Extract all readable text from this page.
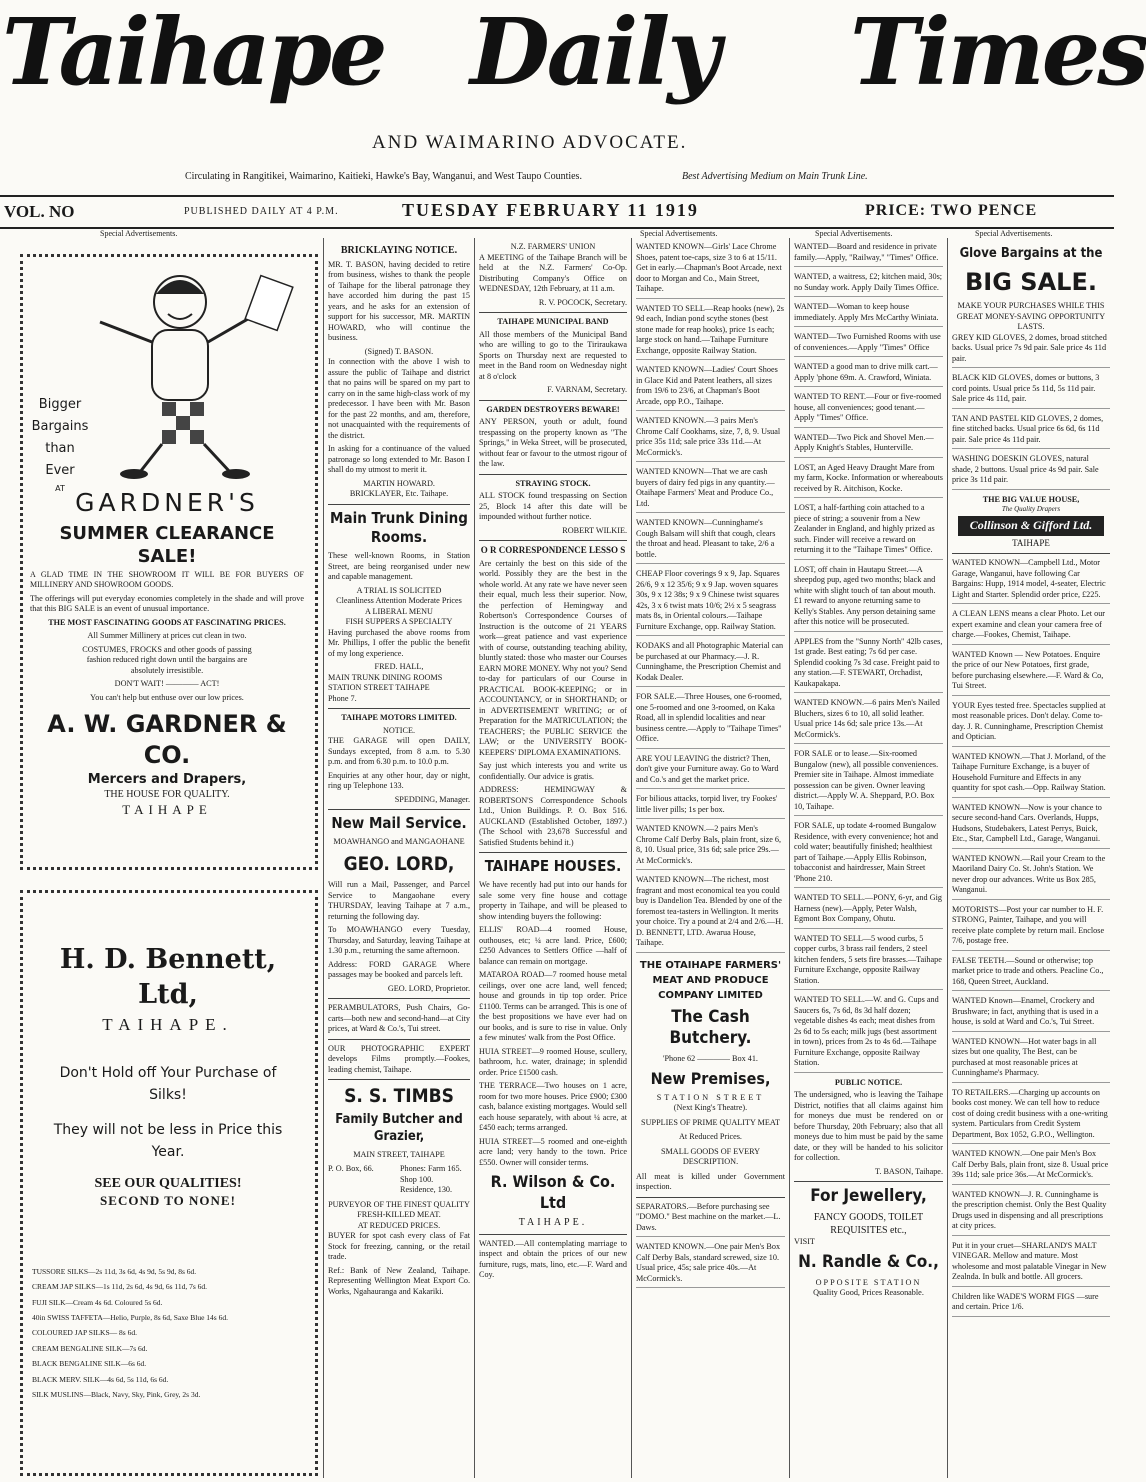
Taihape Daily Times
AND WAIMARINO ADVOCATE.
Circulating in Rangitikei, Waimarino, Kaitieki, Hawke's Bay, Wanganui, and West Taupo Counties.	Best Advertising Medium on Main Trunk Line.
VOL. NO	PUBLISHED DAILY AT 4 P.M.	TUESDAY FEBRUARY 11 1919	PRICE: TWO PENCE
Special Advertisements.	Special Advertisements.	Special Advertisements.	Special Advertisements.
Bigger
Bargains
than
Ever
AT GARDNER'S
SUMMER CLEARANCE SALE!

A GLAD TIME IN THE SHOWROOM IT WILL BE FOR BUYERS OF MILLINERY AND SHOWROOM GOODS.

The offerings will put everyday economies completely in the shade and will prove that this BIG SALE is an event of unusual importance.

THE MOST FASCINATING GOODS AT FASCINATING PRICES.
All Summer Millinery at prices cut clean in two.
COSTUMES, FROCKS and other goods of passing fashion reduced right down until the bargains are absolutely irresistible.
DON'T WAIT! ———— ACT!
You can't help but enthuse over our low prices.
A. W. GARDNER & CO.
Mercers and Drapers,
THE HOUSE FOR QUALITY.
TAIHAPE
H. D. Bennett, Ltd,
TAIHAPE.
Don't Hold off Your Purchase of Silks!
They will not be less in Price this Year.
SEE OUR QUALITIES!
SECOND TO NONE!
TUSSORE SILKS—2s 11d, 3s 6d, 4s 9d, 5s 9d, 8s 6d.
CREAM JAP SILKS—1s 11d, 2s 6d, 4s 9d, 6s 11d, 7s 6d.
FUJI SILK—Cream 4s 6d. Coloured 5s 6d.
40in SWISS TAFFETA—Helio, Purple, 8s 6d, Saxe Blue 14s 6d.
COLOURED JAP SILKS— 8s 6d.
CREAM BENGALINE SILK—7s 6d.
BLACK BENGALINE SILK—6s 6d.
BLACK MERV. SILK—4s 6d, 5s 11d, 6s 6d.
SILK MUSLINS—Black, Navy, Sky, Pink, Grey, 2s 3d.
BRICKLAYING NOTICE.

MR. T. BASON, having decided to retire from business, wishes to thank the people of Taihape for the liberal patronage they have accorded him during the past 15 years, and he asks for an extension of support for his successor, MR. MARTIN HOWARD, who will continue the business.

(Signed) T. BASON.

In connection with the above I wish to assure the public of Taihape and district that no pains will be spared on my part to carry on in the same high-class work of my predecessor. I have been with Mr. Bason for the past 22 months, and am, therefore, not unacquainted with the requirements of the district.

In asking for a continuance of the valued patronage so long extended to Mr. Bason I shall do my utmost to merit it.

MARTIN HOWARD.
BRICKLAYER, Etc. Taihape.
Main Trunk Dining Rooms.

These well-known Rooms, in Station Street, are being reorganised under new and capable management.

A TRIAL IS SOLICITED
Cleanliness Attention Moderate Prices
A LIBERAL MENU
FISH SUPPERS A SPECIALTY

Having purchased the above rooms from Mr. Phillips, I offer the public the benefit of my long experience.

FRED. HALL,
MAIN TRUNK DINING ROOMS STATION STREET TAIHAPE
Phone 7.
TAIHAPE MOTORS LIMITED.
NOTICE.

THE GARAGE will open DAILY, Sundays excepted, from 8 a.m. to 5.30 p.m. and from 6.30 p.m. to 10.0 p.m.

Enquiries at any other hour, day or night, ring up Telephone 133.

SPEDDING, Manager.
New Mail Service.
MOAWHANGO and MANGAOHANE
GEO. LORD,

Will run a Mail, Passenger, and Parcel Service to Mangaohane every THURSDAY, leaving Taihape at 7 a.m., returning the following day.

To MOAWHANGO every Tuesday, Thursday, and Saturday, leaving Taihape at 1.30 p.m., returning the same afternoon.

Address: FORD GARAGE Where passages may be booked and parcels left.

GEO. LORD, Proprietor.

PERAMBULATORS, Push Chairs, Go-carts—both new and second-hand—at City prices, at Ward & Co.'s, Tui street.

OUR PHOTOGRAPHIC EXPERT develops Films promptly.—Fookes, leading chemist, Taihape.

S. S. TIMBS
Family Butcher and Grazier,
MAIN STREET, TAIHAPE
P. O. Box, 66.	Phones: Farm 165. Shop 100. Residence, 130.
PURVEYOR OF THE FINEST QUALITY FRESH-KILLED MEAT.
AT REDUCED PRICES.

BUYER for spot cash every class of Fat Stock for freezing, canning, or the retail trade.

Ref.: Bank of New Zealand, Taihape. Representing Wellington Meat Export Co. Works, Ngahauranga and Kakariki.

N.Z. FARMERS' UNION

A MEETING of the Taihape Branch will be held at the N.Z. Farmers' Co-Op. Distributing Company's Office on WEDNESDAY, 12th February, at 11 a.m.

R. V. POCOCK, Secretary.
TAIHAPE MUNICIPAL BAND

All those members of the Municipal Band who are willing to go to the Tiriraukawa Sports on Thursday next are requested to meet in the Band room on Wednesday night at 8 o'clock

F. VARNAM, Secretary.
GARDEN DESTROYERS BEWARE!

ANY PERSON, youth or adult, found trespassing on the property known as "The Springs," in Weka Street, will be prosecuted, without fear or favour to the utmost rigour of the law.

STRAYING STOCK.

ALL STOCK found trespassing on Section 25, Block 14 after this date will be impounded without further notice.

ROBERT WILKIE.
O R CORRESPONDENCE LESSO S

Are certainly the best on this side of the world. Possibly they are the best in the whole world. At any rate we have never seen their equal, much less their superior. Now, the perfection of Hemingway and Robertson's Correspondence Courses of Instruction is the outcome of 21 YEARS work—great patience and vast experience with of course, outstanding teaching ability, bluntly stated: those who master our Courses EARN MORE MONEY. Why not you? Send to-day for particulars of our Course in PRACTICAL BOOK-KEEPING; or in ACCOUNTANCY, or in SHORTHAND; or in ADVERTISEMENT WRITING; or of Preparation for the MATRICULATION; the TEACHERS'; the PUBLIC SERVICE the LAW; or the UNIVERSITY BOOK-KEEPERS' DIPLOMA EXAMINATIONS.

Say just which interests you and write us confidentially. Our advice is gratis.

ADDRESS: HEMINGWAY & ROBERTSON'S Correspondence Schools Ltd., Union Buildings. P. O. Box 516. AUCKLAND (Established October, 1897.) (The School with 23,678 Successful and Satisfied Students behind it.)

TAIHAPE HOUSES.

We have recently had put into our hands for sale some very fine house and cottage property in Taihape, and will be pleased to show intending buyers the following:

ELLIS' ROAD—4 roomed House, outhouses, etc; ¼ acre land. Price, £600; £250 Advances to Settlers Office —half of balance can remain on mortgage.

MATAROA ROAD—7 roomed house metal ceilings, over one acre land, well fenced; house and grounds in tip top order. Price £1100. Terms can be arranged. This is one of the best propositions we have ever had on our books, and is sure to rise in value. Only a few minutes' walk from the Post Office.

HUIA STREET—9 roomed House, scullery, bathroom, h.c. water, drainage; in splendid order. Price £1500 cash.

THE TERRACE—Two houses on 1 acre, room for two more houses. Price £900; £300 cash, balance existing mortgages. Would sell each house separately, with about ¼ acre, at £450 each; terms arranged.

HUIA STREET—5 roomed and one-eighth acre land; very handy to the town. Price £550. Owner will consider terms.

R. Wilson & Co. Ltd
TAIHAPE.

WANTED.—All contemplating marriage to inspect and obtain the prices of our new furniture, rugs, mats, lino, etc.—F. Ward and Coy.

WANTED KNOWN—Girls' Lace Chrome Shoes, patent toe-caps, size 3 to 6 at 15/11. Get in early.—Chapman's Boot Arcade, next door to Morgan and Co., Main Street, Taihape.
WANTED TO SELL—Reap hooks (new), 2s 9d each, Indian pond scythe stones (best stone made for reap hooks), price 1s each; large stock on hand.—Taihape Furniture Exchange, opposite Railway Station.
WANTED KNOWN—Ladies' Court Shoes in Glace Kid and Patent leathers, all sizes from 19/6 to 23/6, at Chapman's Boot Arcade, opp P.O., Taihape.
WANTED KNOWN.—3 pairs Men's Chrome Calf Cookhams, size, 7, 8, 9. Usual price 35s 11d; sale price 33s 11d.—At McCormick's.
WANTED KNOWN—That we are cash buyers of dairy fed pigs in any quantity.—Otaihape Farmers' Meat and Produce Co., Ltd.
WANTED KNOWN—Cunninghame's Cough Balsam will shift that cough, clears the throat and head. Pleasant to take, 2/6 a bottle.
CHEAP Floor coverings 9 x 9, Jap. Squares 26/6, 9 x 12 35/6; 9 x 9 Jap. woven squares 30s, 9 x 12 38s; 9 x 9 Chinese twist squares 42s, 3 x 6 twist mats 10/6; 2½ x 5 seagrass mats 8s, in Oriental colours.—Taihape Furniture Exchange, opp. Railway Station.
KODAKS and all Photographic Material can be purchased at our Pharmacy.—J. R. Cunninghame, the Prescription Chemist and Kodak Dealer.
FOR SALE.—Three Houses, one 6-roomed, one 5-roomed and one 3-roomed, on Kaka Road, all in splendid localities and near business centre.—Apply to "Taihape Times" Office.
ARE YOU LEAVING the district? Then, don't give your Furniture away. Go to Ward and Co.'s and get the market price.
For bilious attacks, torpid liver, try Fookes' little liver pills; 1s per box.
WANTED KNOWN.—2 pairs Men's Chrome Calf Derby Bals, plain front, size 6, 8, 10. Usual price, 31s 6d; sale price 29s.—At McCormick's.
WANTED KNOWN—The richest, most fragrant and most economical tea you could buy is Dandelion Tea. Blended by one of the foremost tea-tasters in Wellington. It merits your choice. Try a pound at 2/4 and 2/6.—H. D. BENNETT, LTD. Awarua House, Taihape.
THE OTAIHAPE FARMERS' MEAT AND PRODUCE COMPANY LIMITED
The Cash Butchery.
'Phone 62 ———— Box 41.
New Premises,
STATION STREET
(Next King's Theatre).
SUPPLIES OF PRIME QUALITY MEAT
At Reduced Prices.
SMALL GOODS OF EVERY DESCRIPTION.

All meat is killed under Government inspection.

SEPARATORS.—Before purchasing see "DOMO." Best machine on the market.—L. Daws.
WANTED KNOWN.—One pair Men's Box Calf Derby Bals, standard screwed, size 10. Usual price, 45s; sale price 40s.—At McCormick's.
WANTED—Board and residence in private family.—Apply, "Railway," "Times" Office.
WANTED, a waitress, £2; kitchen maid, 30s; no Sunday work. Apply Daily Times Office.
WANTED—Woman to keep house immediately. Apply Mrs McCarthy Winiata.
WANTED—Two Furnished Rooms with use of conveniences.—Apply "Times" Office
WANTED a good man to drive milk cart.—Apply 'phone 69m. A. Crawford, Winiata.
WANTED TO RENT.—Four or five-roomed house, all conveniences; good tenant.—Apply "Times" Office.
WANTED—Two Pick and Shovel Men.—Apply Knight's Stables, Hunterville.
LOST, an Aged Heavy Draught Mare from my farm, Kocke. Information or whereabouts received by R. Aitchison, Kocke.
LOST, a half-farthing coin attached to a piece of string; a souvenir from a New Zealander in England, and highly prized as such. Finder will receive a reward on returning it to the "Taihape Times" Office.
LOST, off chain in Hautapu Street.—A sheepdog pup, aged two months; black and white with slight touch of tan about mouth. £1 reward to anyone returning same to Kelly's Stables. Any person detaining same after this notice will be prosecuted.
APPLES from the "Sunny North" 42lb cases, 1st grade. Best eating; 7s 6d per case. Splendid cooking 7s 3d case. Freight paid to any station.—F. STEWART, Orchadist, Kaukapakapa.
WANTED KNOWN.—6 pairs Men's Nailed Bluchers, sizes 6 to 10, all solid leather. Usual price 14s 6d; sale price 13s.—At McCormick's.
FOR SALE or to lease.—Six-roomed Bungalow (new), all possible conveniences. Premier site in Taihape. Almost immediate possession can be given. Owner leaving district.—Apply W. A. Sheppard, P.O. Box 10, Taihape.
FOR SALE, up todate 4-roomed Bungalow Residence, with every convenience; hot and cold water; beautifully finished; healthiest part of Taihape.—Apply Ellis Robinson, tobacconist and hairdresser, Main Street 'Phone 210.
WANTED TO SELL.—PONY, 6-yr, and Gig Harness (new).—Apply, Peter Walsh, Egmont Box Company, Ohutu.
WANTED TO SELL—5 wood curbs, 5 copper curbs, 3 brass rail fenders, 2 steel kitchen fenders, 5 sets fire brasses.—Taihape Furniture Exchange, opposite Railway Station.
WANTED TO SELL.—W. and G. Cups and Saucers 6s, 7s 6d, 8s 3d half dozen; vegetable dishes 4s each; meat dishes from 2s 6d to 5s each; milk jugs (best assortment in town), prices from 2s to 4s 6d.—Taihape Furniture Exchange, opposite Railway Station.
PUBLIC NOTICE.

The undersigned, who is leaving the Taihape District, notifies that all claims against him for moneys due must be rendered on or before Thursday, 20th February; also that all moneys due to him must be paid by the same date, or they will be handed to his solicitor for collection.

T. BASON, Taihape.
For Jewellery,
FANCY GOODS, TOILET REQUISITES etc.,
VISIT
N. Randle & Co.,
OPPOSITE STATION
Quality Good, Prices Reasonable.
Glove Bargains at the
BIG SALE.
MAKE YOUR PURCHASES WHILE THIS GREAT MONEY-SAVING OPPORTUNITY LASTS.
GREY KID GLOVES, 2 domes, broad stitched backs. Usual price 7s 9d pair. Sale price 4s 11d pair.
BLACK KID GLOVES, domes or buttons, 3 cord points. Usual price 5s 11d, 5s 11d pair. Sale price 4s 11d, pair.
TAN AND PASTEL KID GLOVES, 2 domes, fine stitched backs. Usual price 6s 6d, 6s 11d pair. Sale price 4s 11d pair.
WASHING DOESKIN GLOVES, natural shade, 2 buttons. Usual price 4s 9d pair. Sale price 3s 11d pair.
THE BIG VALUE HOUSE,
The Quality Drapers
Collinson & Gifford Ltd.
TAIHAPE
WANTED KNOWN—Campbell Ltd., Motor Garage, Wanganui, have following Car Bargains: Hupp, 1914 model, 4-seater, Electric Light and Starter. Splendid order price, £225.
A CLEAN LENS means a clear Photo. Let our expert examine and clean your camera free of charge.—Fookes, Chemist, Taihape.
WANTED Known — New Potatoes. Enquire the price of our New Potatoes, first grade, before purchasing elsewhere.—F. Ward & Co, Tui Street.
YOUR Eyes tested free. Spectacles supplied at most reasonable prices. Don't delay. Come to-day. J. R. Cunninghame, Prescription Chemist and Optician.
WANTED KNOWN.—That J. Morland, of the Taihape Furniture Exchange, is a buyer of Household Furniture and Effects in any quantity for spot cash.—Opp. Railway Station.
WANTED KNOWN—Now is your chance to secure second-hand Cars. Overlands, Hupps, Hudsons, Studebakers, Latest Perrys, Buick, Etc., Star, Campbell Ltd., Garage, Wanganui.
WANTED KNOWN.—Rail your Cream to the Maoriland Dairy Co. St. John's Station. We never drop our advances. Write us Box 285, Wanganui.
MOTORISTS—Post your car number to H. F. STRONG, Painter, Taihape, and you will receive plate complete by return mail. Enclose 7/6, postage free.
FALSE TEETH.—Sound or otherwise; top market price to trade and others. Peacline Co., 168, Queen Street, Auckland.
WANTED Known—Enamel, Crockery and Brushware; in fact, anything that is used in a house, is sold at Ward and Co.'s, Tui Street.
WANTED KNOWN—Hot water bags in all sizes but one quality, The Best, can be purchased at most reasonable prices at Cunninghame's Pharmacy.
TO RETAILERS.—Charging up accounts on books cost money. We can tell how to reduce cost of doing credit business with a one-writing system. Particulars from Credit System Department, Box 1052, G.P.O., Wellington.
WANTED KNOWN.—One pair Men's Box Calf Derby Bals, plain front, size 8. Usual price 39s 11d; sale price 36s.—At McCormick's.
WANTED KNOWN—J. R. Cunninghame is the prescription chemist. Only the Best Quality Drugs used in dispensing and all prescriptions at city prices.
Put it in your cruet—SHARLAND'S MALT VINEGAR. Mellow and mature. Most wholesome and most palatable Vinegar in New Zealnda. In bulk and bottle. All grocers.
Children like WADE'S WORM FIGS —sure and certain. Price 1/6.
